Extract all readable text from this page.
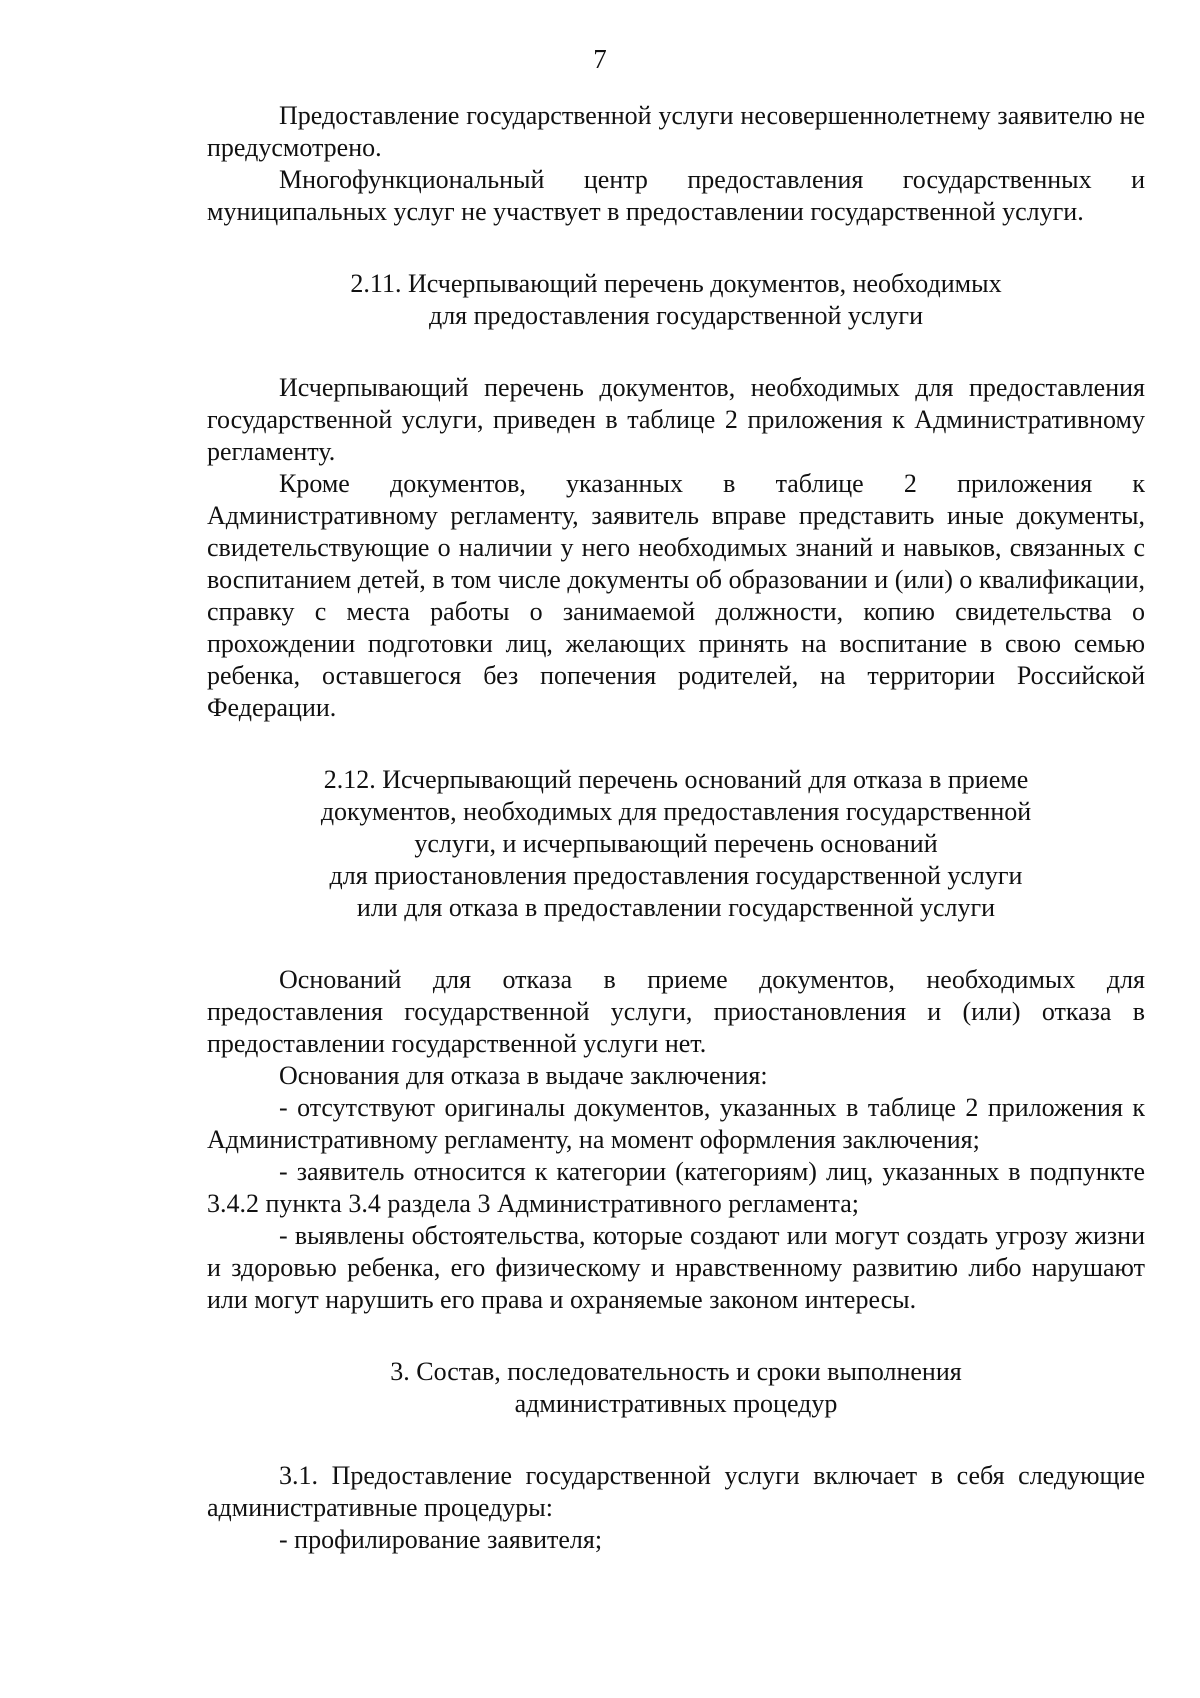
7

Предоставление государственной услуги несовершеннолетнему заявителю не предусмотрено.

Многофункциональный центр предоставления государственных и муниципальных услуг не участвует в предоставлении государственной услуги.

2.11. Исчерпывающий перечень документов, необходимых
для предоставления государственной услуги

Исчерпывающий перечень документов, необходимых для предоставления государственной услуги, приведен в таблице 2 приложения к Административному регламенту.

Кроме документов, указанных в таблице 2 приложения к Административному регламенту, заявитель вправе представить иные документы, свидетельствующие о наличии у него необходимых знаний и навыков, связанных с воспитанием детей, в том числе документы об образовании и (или) о квалификации, справку с места работы о занимаемой должности, копию свидетельства о прохождении подготовки лиц, желающих принять на воспитание в свою семью ребенка, оставшегося без попечения родителей, на территории Российской Федерации.

2.12. Исчерпывающий перечень оснований для отказа в приеме
документов, необходимых для предоставления государственной
услуги, и исчерпывающий перечень оснований
для приостановления предоставления государственной услуги
или для отказа в предоставлении государственной услуги

Оснований для отказа в приеме документов, необходимых для предоставления государственной услуги, приостановления и (или) отказа в предоставлении государственной услуги нет.

Основания для отказа в выдаче заключения:

- отсутствуют оригиналы документов, указанных в таблице 2 приложения к Административному регламенту, на момент оформления заключения;

- заявитель относится к категории (категориям) лиц, указанных в подпункте 3.4.2 пункта 3.4 раздела 3 Административного регламента;

- выявлены обстоятельства, которые создают или могут создать угрозу жизни и здоровью ребенка, его физическому и нравственному развитию либо нарушают или могут нарушить его права и охраняемые законом интересы.

3. Состав, последовательность и сроки выполнения
административных процедур

3.1. Предоставление государственной услуги включает в себя следующие административные процедуры:

- профилирование заявителя;
